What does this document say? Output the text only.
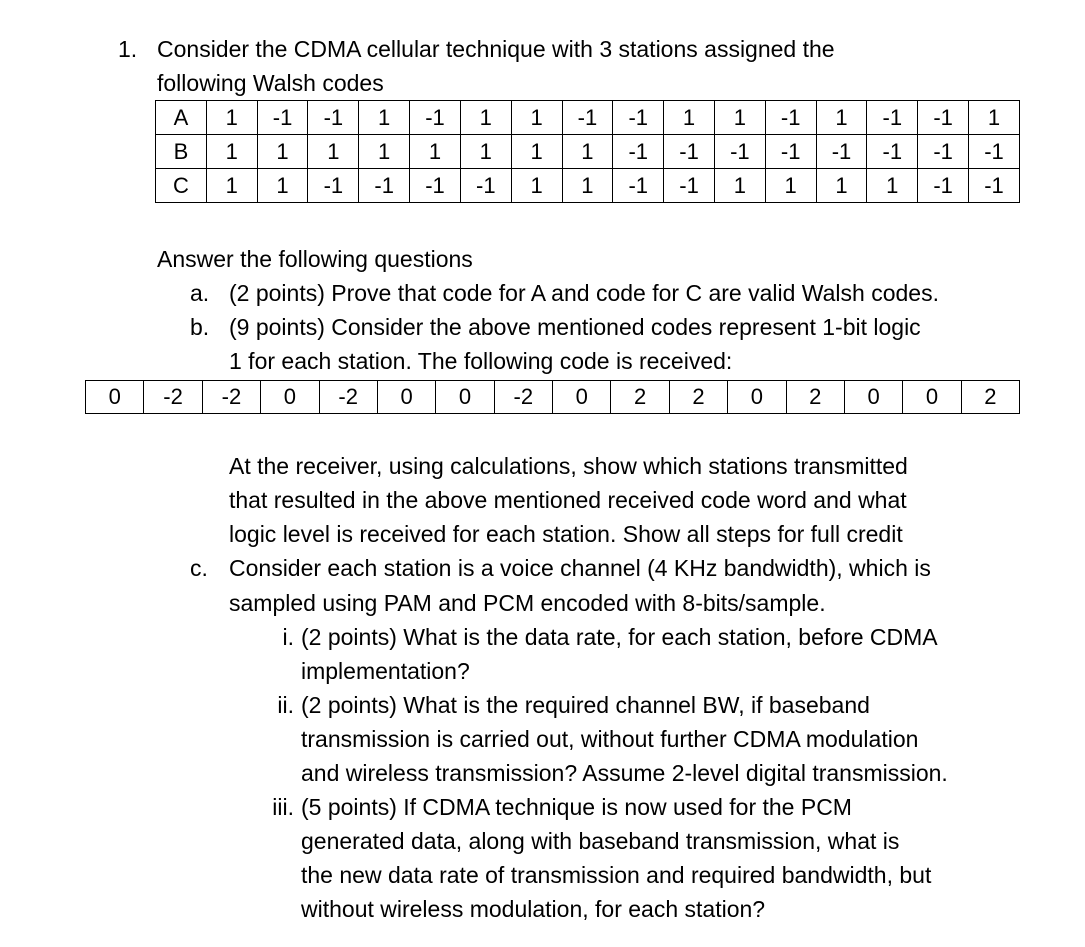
1. Consider the CDMA cellular technique with 3 stations assigned the
following Walsh codes
A	1	-1	-1	1	-1	1	1	-1	-1	1	1	-1	1	-1	-1	1
B	1	1	1	1	1	1	1	1	-1	-1	-1	-1	-1	-1	-1	-1
C	1	1	-1	-1	-1	-1	1	1	-1	-1	1	1	1	1	-1	-1
Answer the following questions
a. (2 points) Prove that code for A and code for C are valid Walsh codes.
b. (9 points) Consider the above mentioned codes represent 1-bit logic
1 for each station. The following code is received:
0	-2	-2	0	-2	0	0	-2	0	2	2	0	2	0	0	2
At the receiver, using calculations, show which stations transmitted
that resulted in the above mentioned received code word and what
logic level is received for each station. Show all steps for full credit
c. Consider each station is a voice channel (4 KHz bandwidth), which is
sampled using PAM and PCM encoded with 8-bits/sample.
i. (2 points) What is the data rate, for each station, before CDMA
implementation?
ii. (2 points) What is the required channel BW, if baseband
transmission is carried out, without further CDMA modulation
and wireless transmission? Assume 2-level digital transmission.
iii. (5 points) If CDMA technique is now used for the PCM
generated data, along with baseband transmission, what is
the new data rate of transmission and required bandwidth, but
without wireless modulation, for each station?
